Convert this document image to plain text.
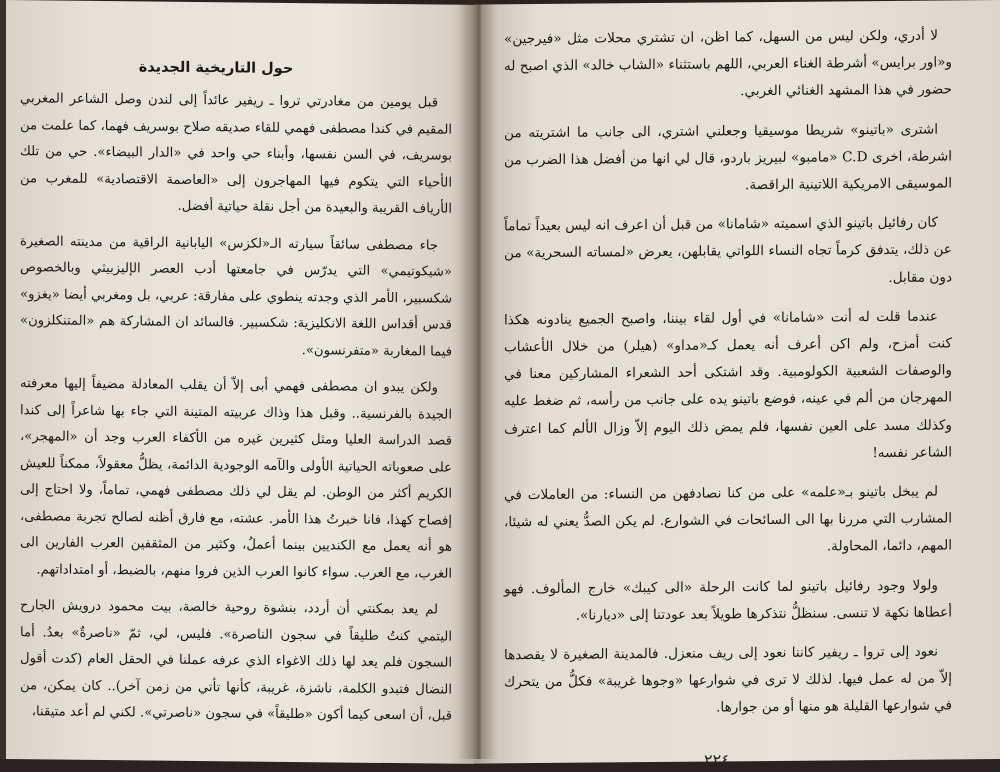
حول التاريخية الجديدة

قبل يومين من مغادرتي تروا ـ ريفير عائداً إلى لندن وصل الشاعر المغربي المقيم في كندا مصطفى فهمي للقاء صديقه صلاح بوسريف فهما، كما علمت من بوسريف، في السن نفسها، وأبناء حي واحد في «الدار البيضاء». حي من تلك الأحياء التي يتكوم فيها المهاجرون إلى «العاصمة الاقتصادية» للمغرب من الأرياف القريبة والبعيدة من أجل نقلة حياتية أفضل.

جاء مصطفى سائقاً سيارته الـ«لكزس» اليابانية الراقية من مدينته الصغيرة «شيكوتيمي» التي يدرّس في جامعتها أدب العصر الإليزبيثي وبالخصوص شكسبير، الأمر الذي وجدته ينطوي على مفارقة: عربي، بل ومغربي أيضا «يغزو» قدس أقداس اللغة الانكليزية: شكسبير. فالسائد ان المشاركة هم «المتنكلزون» فيما المغاربة «متفرنسون».

ولكن يبدو ان مصطفى فهمي أبى إلاّ أن يقلب المعادلة مضيفاً إليها معرفته الجيدة بالفرنسية.. وقبل هذا وذاك عربيته المتينة التي جاء بها شاعراً إلى كندا قصد الدراسة العليا ومثل كثيرين غيره من الأكفاء العرب وجد أن «المهجر»، على صعوباته الحياتية الأولى والآمه الوجودية الدائمة، يظلُّ معقولاً، ممكناً للعيش الكريم أكثر من الوطن. لم يقل لي ذلك مصطفى فهمي، تماماً، ولا احتاج إلى إفصاح كهذا، فانا خبرتُ هذا الأمر. عشته، مع فارق أظنه لصالح تجربة مصطفى، هو أنه يعمل مع الكنديين بينما أعملُ، وكثير من المثقفين العرب الفارين الى الغرب، مع العرب. سواء كانوا العرب الذين فروا منهم، بالضبط، أو امتداداتهم.

لم يعد بمكنتي أن أردد، بنشوة روحية خالصة، بيت محمود درويش الجارح اليتمي كنتُ طليقاً في سجون الناصرة». فليس، لي، ثمّ «ناصرةٌ» بعدُ. أما السجون فلم يعد لها ذلك الاغواء الذي عرفه عملنا في الحقل العام (كدت أقول النضال فتبدو الكلمة، ناشزة، غريبة، كأنها تأتي من زمن آخر).. كان يمكن، من قبل، أن اسعى كيما أكون «طليقاً» في سجون «ناصرتي». لكني لم أعد متيقنا،

لا أدري، ولكن ليس من السهل، كما اظن، ان تشتري محلات مثل «فيرجين» و«اور برايس» أشرطة الغناء العربي، اللهم باستثناء «الشاب خالد» الذي اصبح له حضور في هذا المشهد الغنائي الغربي.

اشترى «باتينو» شريطا موسيقيا وجعلني اشتري، الى جانب ما اشتريته من اشرطة، اخرى C.D «مامبو» لبيريز باردو، قال لي انها من أفضل هذا الضرب من الموسيقى الامريكية اللاتينية الراقصة.

كان رفائيل باتينو الذي اسميته «شامانا» من قبل أن اعرف انه ليس بعيداً تماماً عن ذلك، يتدفق كرماً تجاه النساء اللواتي يقابلهن، يعرض «لمساته السحرية» من دون مقابل.

عندما قلت له أنت «شامانا» في أول لقاء بيننا، واصبح الجميع ينادونه هكذا كنت أمزح، ولم اكن أعرف أنه يعمل كـ«مداو» (هيلر) من خلال الأعشاب والوصفات الشعبية الكولومبية. وقد اشتكى أحد الشعراء المشاركين معنا في المهرجان من ألم في عينه، فوضع باتينو يده على جانب من رأسه، ثم ضغط عليه وكذلك مسد على العين نفسها، فلم يمض ذلك اليوم إلاّ وزال الألم كما اعترف الشاعر نفسه!

لم يبخل باتينو بـ«علمه» على من كنا نصادفهن من النساء: من العاملات في المشارب التي مررنا بها الى السائحات في الشوارع. لم يكن الصدُّ يعني له شيئا، المهم، دائما، المحاولة.

ولولا وجود رفائيل باتينو لما كانت الرحلة «الى كيبك» خارج المألوف. فهو أعطاها نكهة لا تنسى. سنظلُّ نتذكرها طويلاً بعد عودتنا إلى «ديارنا».

نعود إلى تروا ـ ريفير كاننا نعود إلى ريف منعزل. فالمدينة الصغيرة لا يقصدها إلاّ من له عمل فيها. لذلك لا ترى في شوارعها «وجوها غريبة» فكلُّ من يتحرك في شوارعها القليلة هو منها أو من جوارها.

٢٢٤
